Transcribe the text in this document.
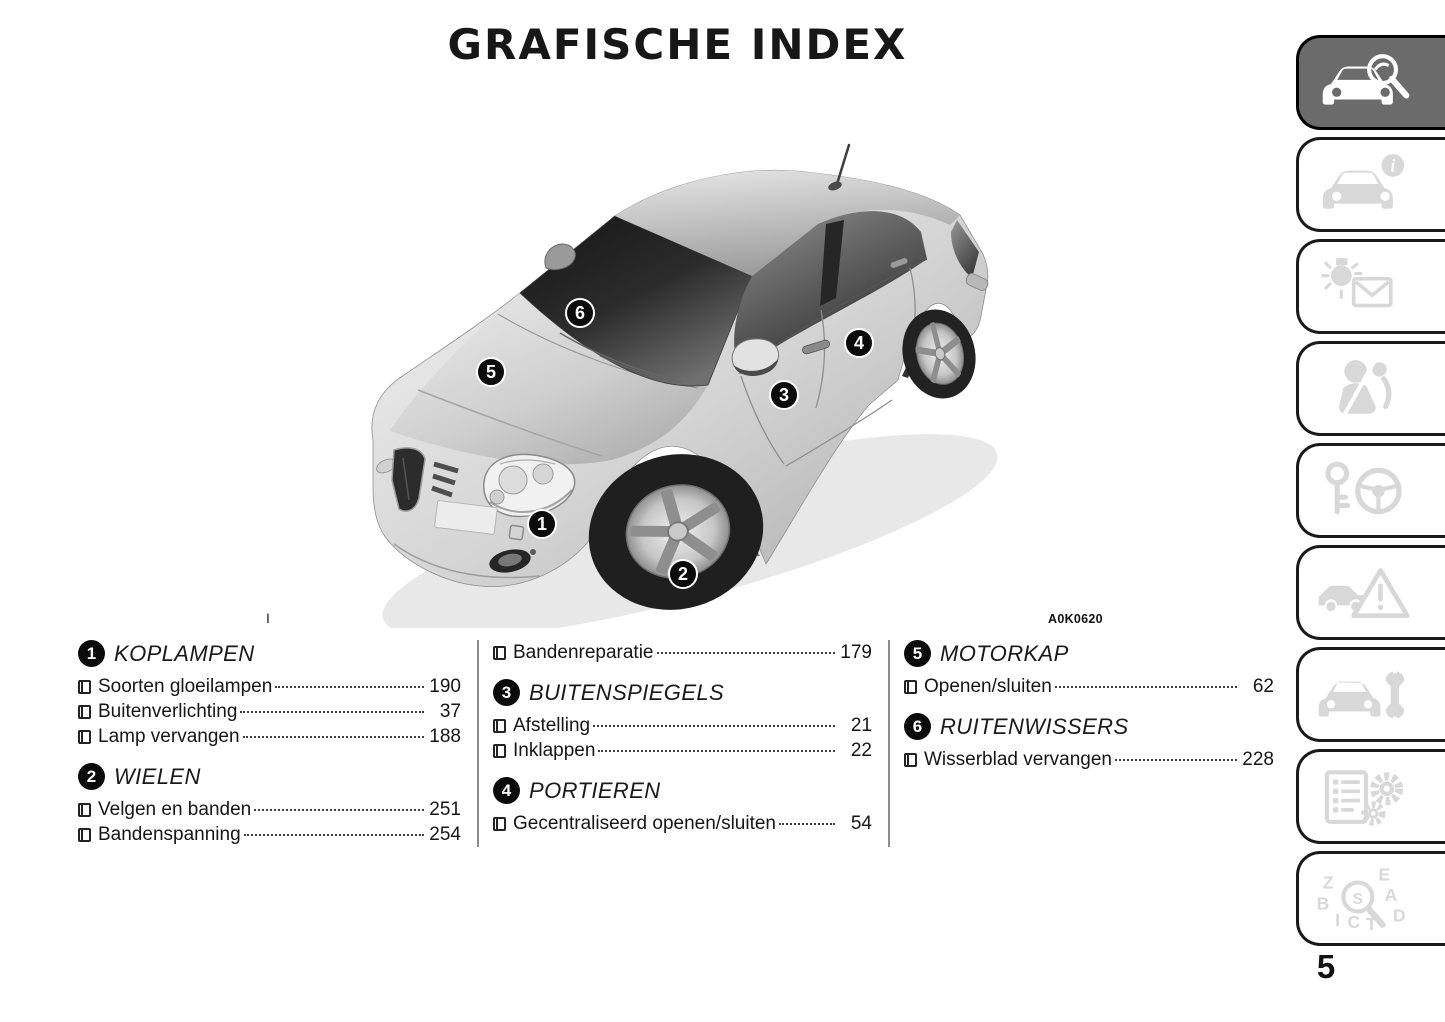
GRAFISCHE INDEX
1
2
3
4
5
6
I	A0K0620
1 KOPLAMPEN
Soorten gloeilampen	190
Buitenverlichting	37
Lamp vervangen	188
2 WIELEN
Velgen en banden	251
Bandenspanning	254
Bandenreparatie	179
3 BUITENSPIEGELS
Afstelling	21
Inklappen	22
4 PORTIEREN
Gecentraliseerd openen/sluiten	54
5 MOTORKAP
Openen/sluiten	62
6 RUITENWISSERS
Wisserblad vervangen	228
5
